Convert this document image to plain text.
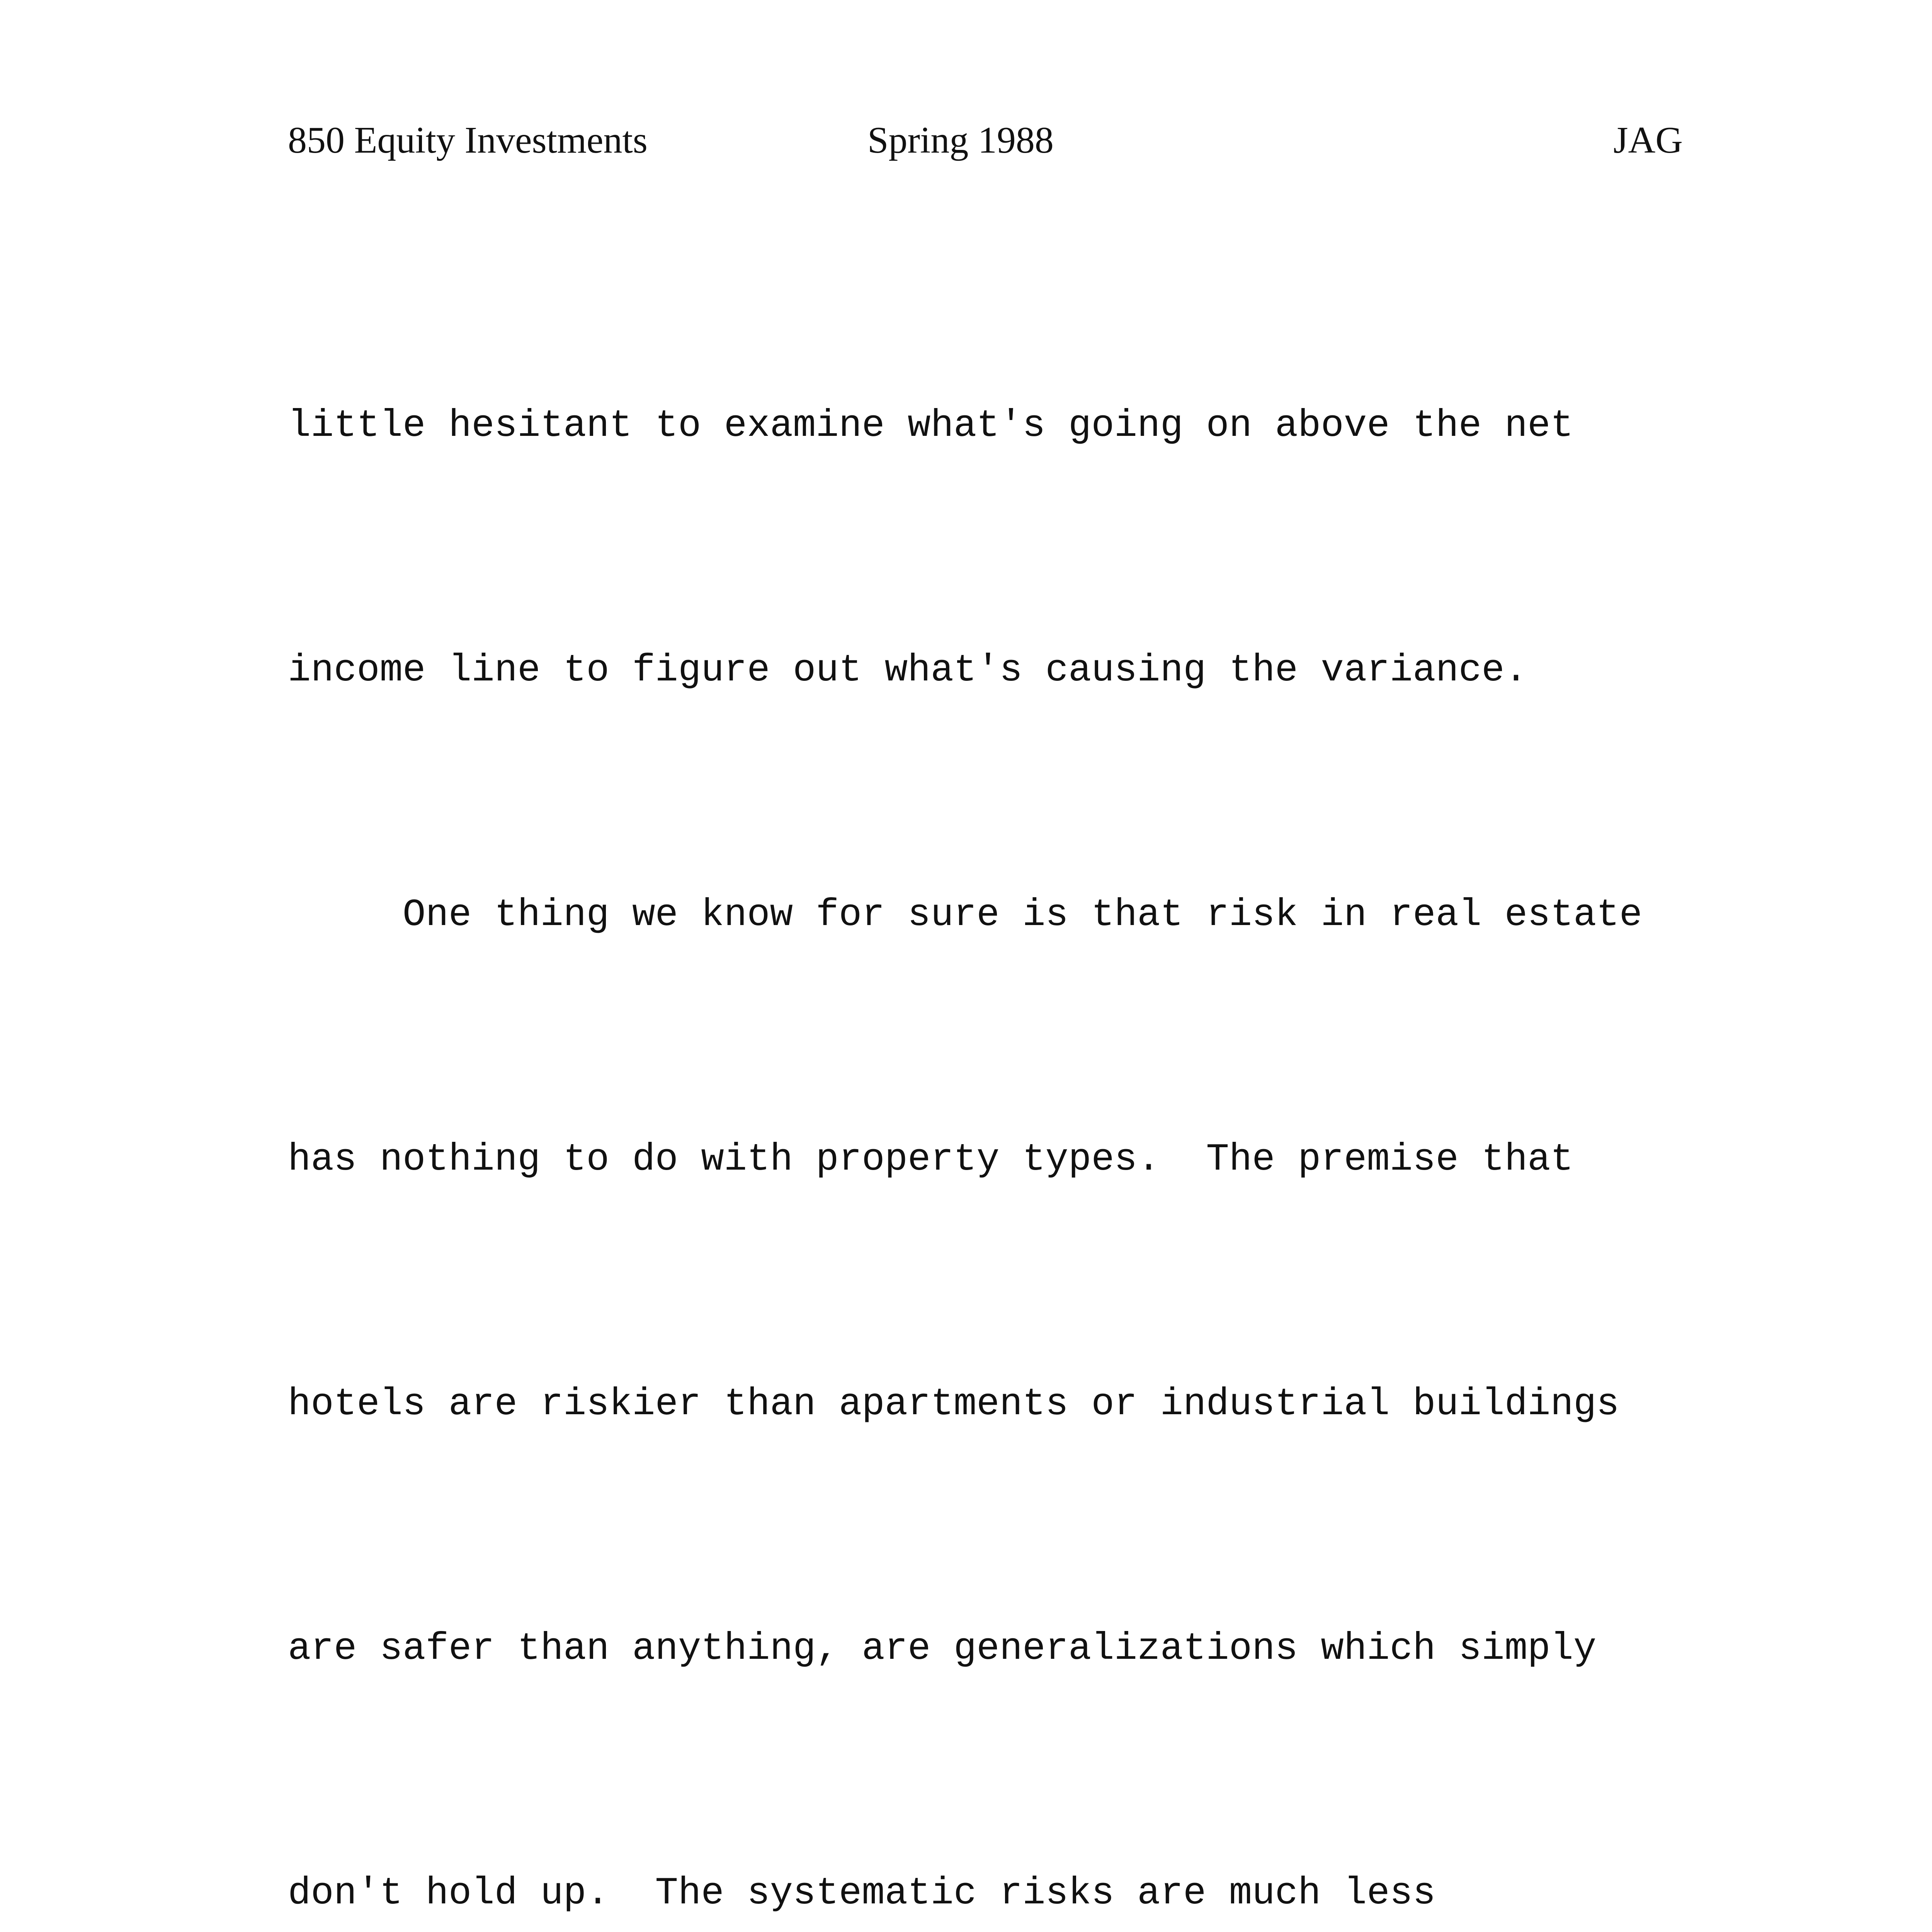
850 Equity Investments	Spring 1988	JAG

little hesitant to examine what's going on above the net

income line to figure out what's causing the variance.

One thing we know for sure is that risk in real estate

has nothing to do with property types.  The premise that

hotels are riskier than apartments or industrial buildings

are safer than anything, are generalizations which simply

don't hold up.  The systematic risks are much less
